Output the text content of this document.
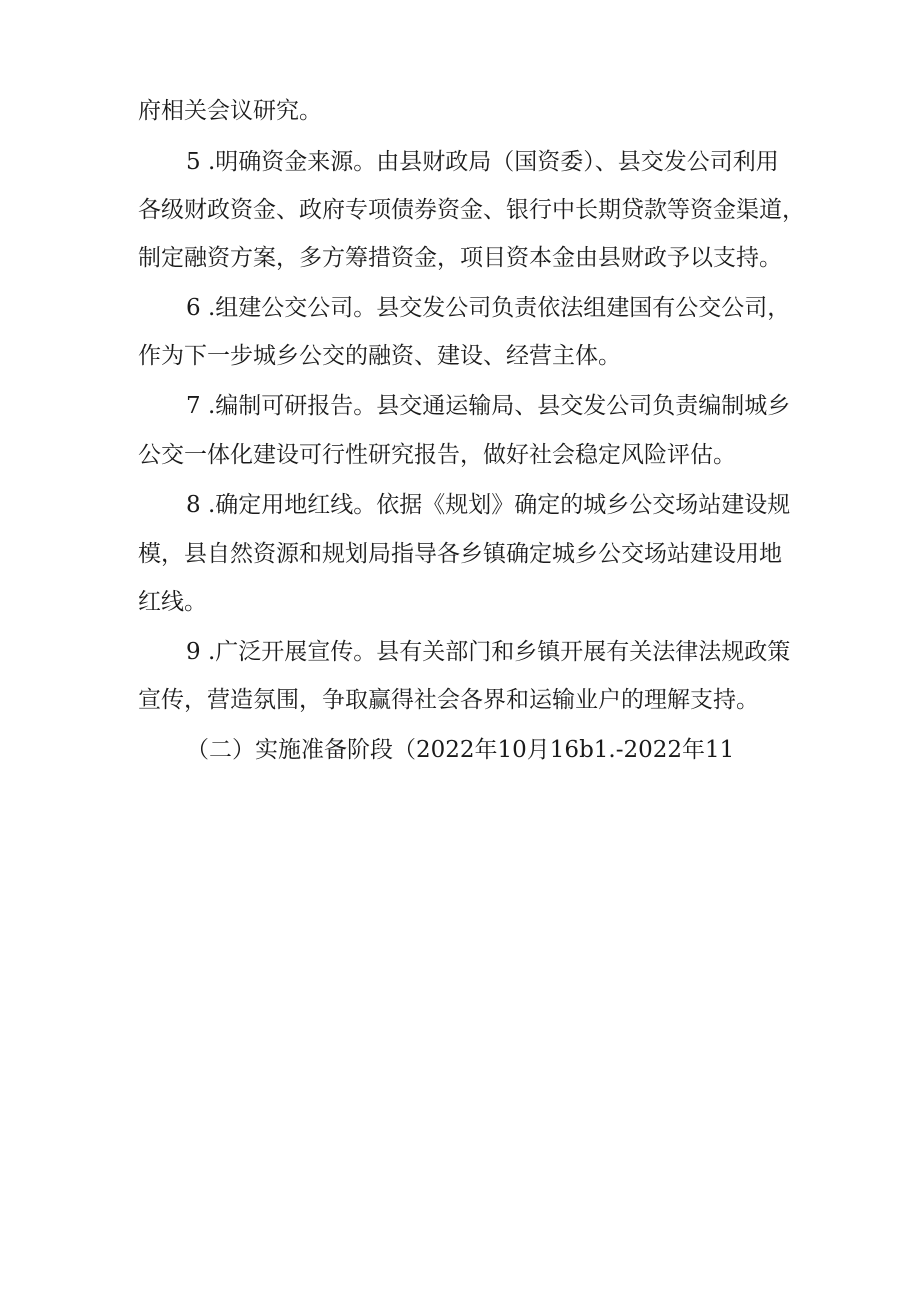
府相关会议研究。
5 .明确资金来源。由县财政局（国资委）、县交发公司利用
各级财政资金、政府专项债券资金、银行中长期贷款等资金渠道，
制定融资方案，多方筹措资金，项目资本金由县财政予以支持。
6 .组建公交公司。县交发公司负责依法组建国有公交公司，
作为下一步城乡公交的融资、建设、经营主体。
7 .编制可研报告。县交通运输局、县交发公司负责编制城乡
公交一体化建设可行性研究报告，做好社会稳定风险评估。
8 .确定用地红线。依据《规划》确定的城乡公交场站建设规
模，县自然资源和规划局指导各乡镇确定城乡公交场站建设用地
红线。
9 .广泛开展宣传。县有关部门和乡镇开展有关法律法规政策
宣传，营造氛围，争取赢得社会各界和运输业户的理解支持。
（二）实施准备阶段（2022年10月16b1.-2022年11
